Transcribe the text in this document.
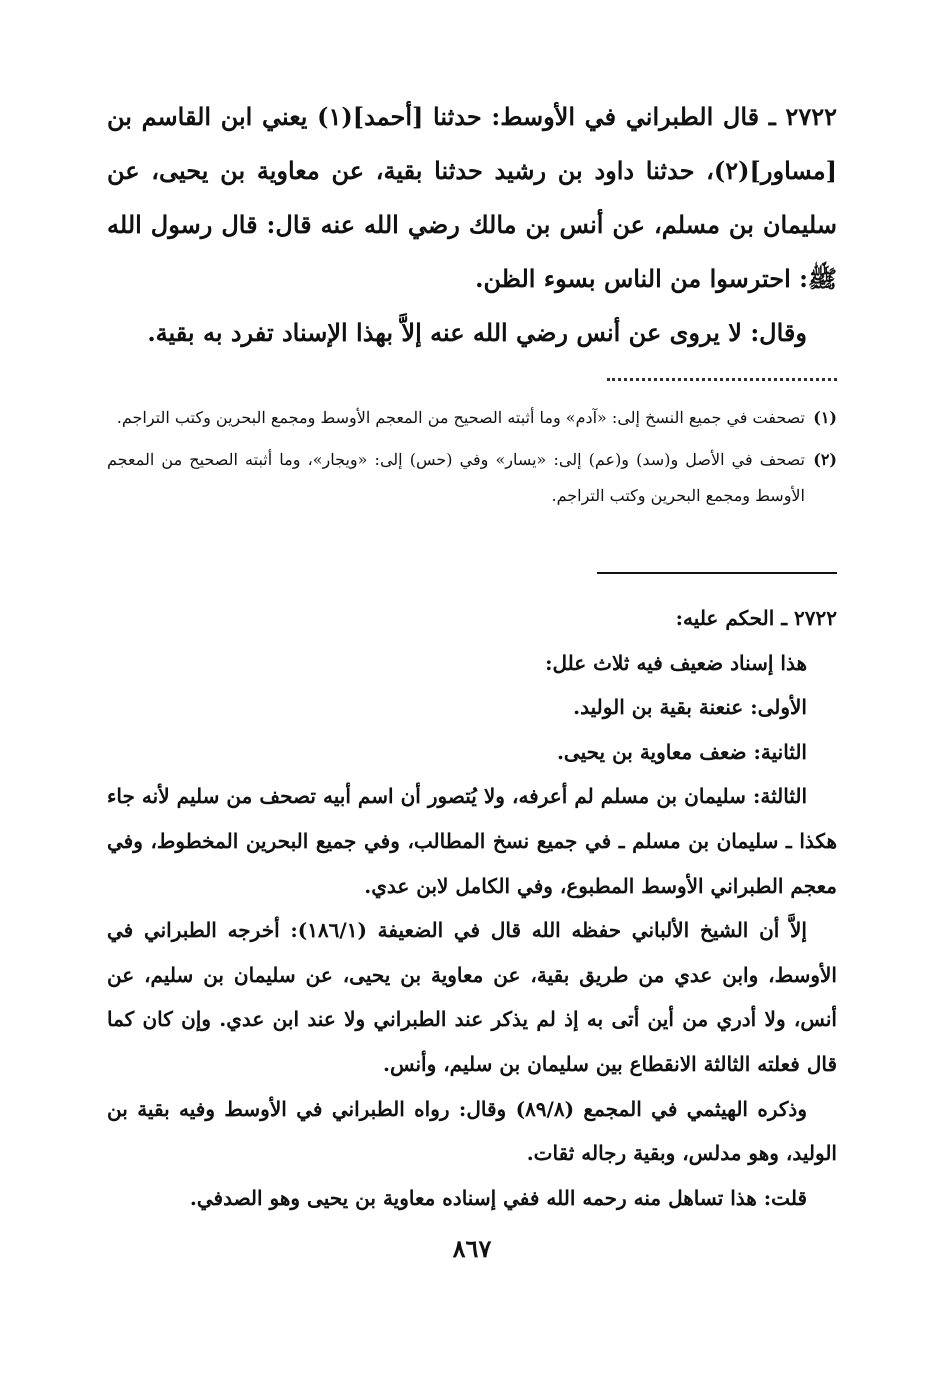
٢٧٢٢ ـ قال الطبراني في الأوسط: حدثنا [أحمد](١) يعني ابن القاسم بن [مساور](٢)، حدثنا داود بن رشيد حدثنا بقية، عن معاوية بن يحيى، عن سليمان بن مسلم، عن أنس بن مالك رضي الله عنه قال: قال رسول الله ﷺ: احترسوا من الناس بسوء الظن.

وقال: لا يروى عن أنس رضي الله عنه إلاَّ بهذا الإسناد تفرد به بقية.

(١)
تصحفت في جميع النسخ إلى: «آدم» وما أثبته الصحيح من المعجم الأوسط ومجمع البحرين وكتب التراجم.
(٢)
تصحف في الأصل و(سد) و(عم) إلى: «يسار» وفي (حس) إلى: «ويجار»، وما أثبته الصحيح من المعجم الأوسط ومجمع البحرين وكتب التراجم.

٢٧٢٢ ـ الحكم عليه:

هذا إسناد ضعيف فيه ثلاث علل:

الأولى: عنعنة بقية بن الوليد.

الثانية: ضعف معاوية بن يحيى.

الثالثة: سليمان بن مسلم لم أعرفه، ولا يُتصور أن اسم أبيه تصحف من سليم لأنه جاء هكذا ـ سليمان بن مسلم ـ في جميع نسخ المطالب، وفي جميع البحرين المخطوط، وفي معجم الطبراني الأوسط المطبوع، وفي الكامل لابن عدي.

إلاَّ أن الشيخ الألباني حفظه الله قال في الضعيفة (١٨٦/١): أخرجه الطبراني في الأوسط، وابن عدي من طريق بقية، عن معاوية بن يحيى، عن سليمان بن سليم، عن أنس، ولا أدري من أين أتى به إذ لم يذكر عند الطبراني ولا عند ابن عدي. وإن كان كما قال فعلته الثالثة الانقطاع بين سليمان بن سليم، وأنس.

وذكره الهيثمي في المجمع (٨٩/٨) وقال: رواه الطبراني في الأوسط وفيه بقية بن الوليد، وهو مدلس، وبقية رجاله ثقات.

قلت: هذا تساهل منه رحمه الله ففي إسناده معاوية بن يحيى وهو الصدفي.

٨٦٧
